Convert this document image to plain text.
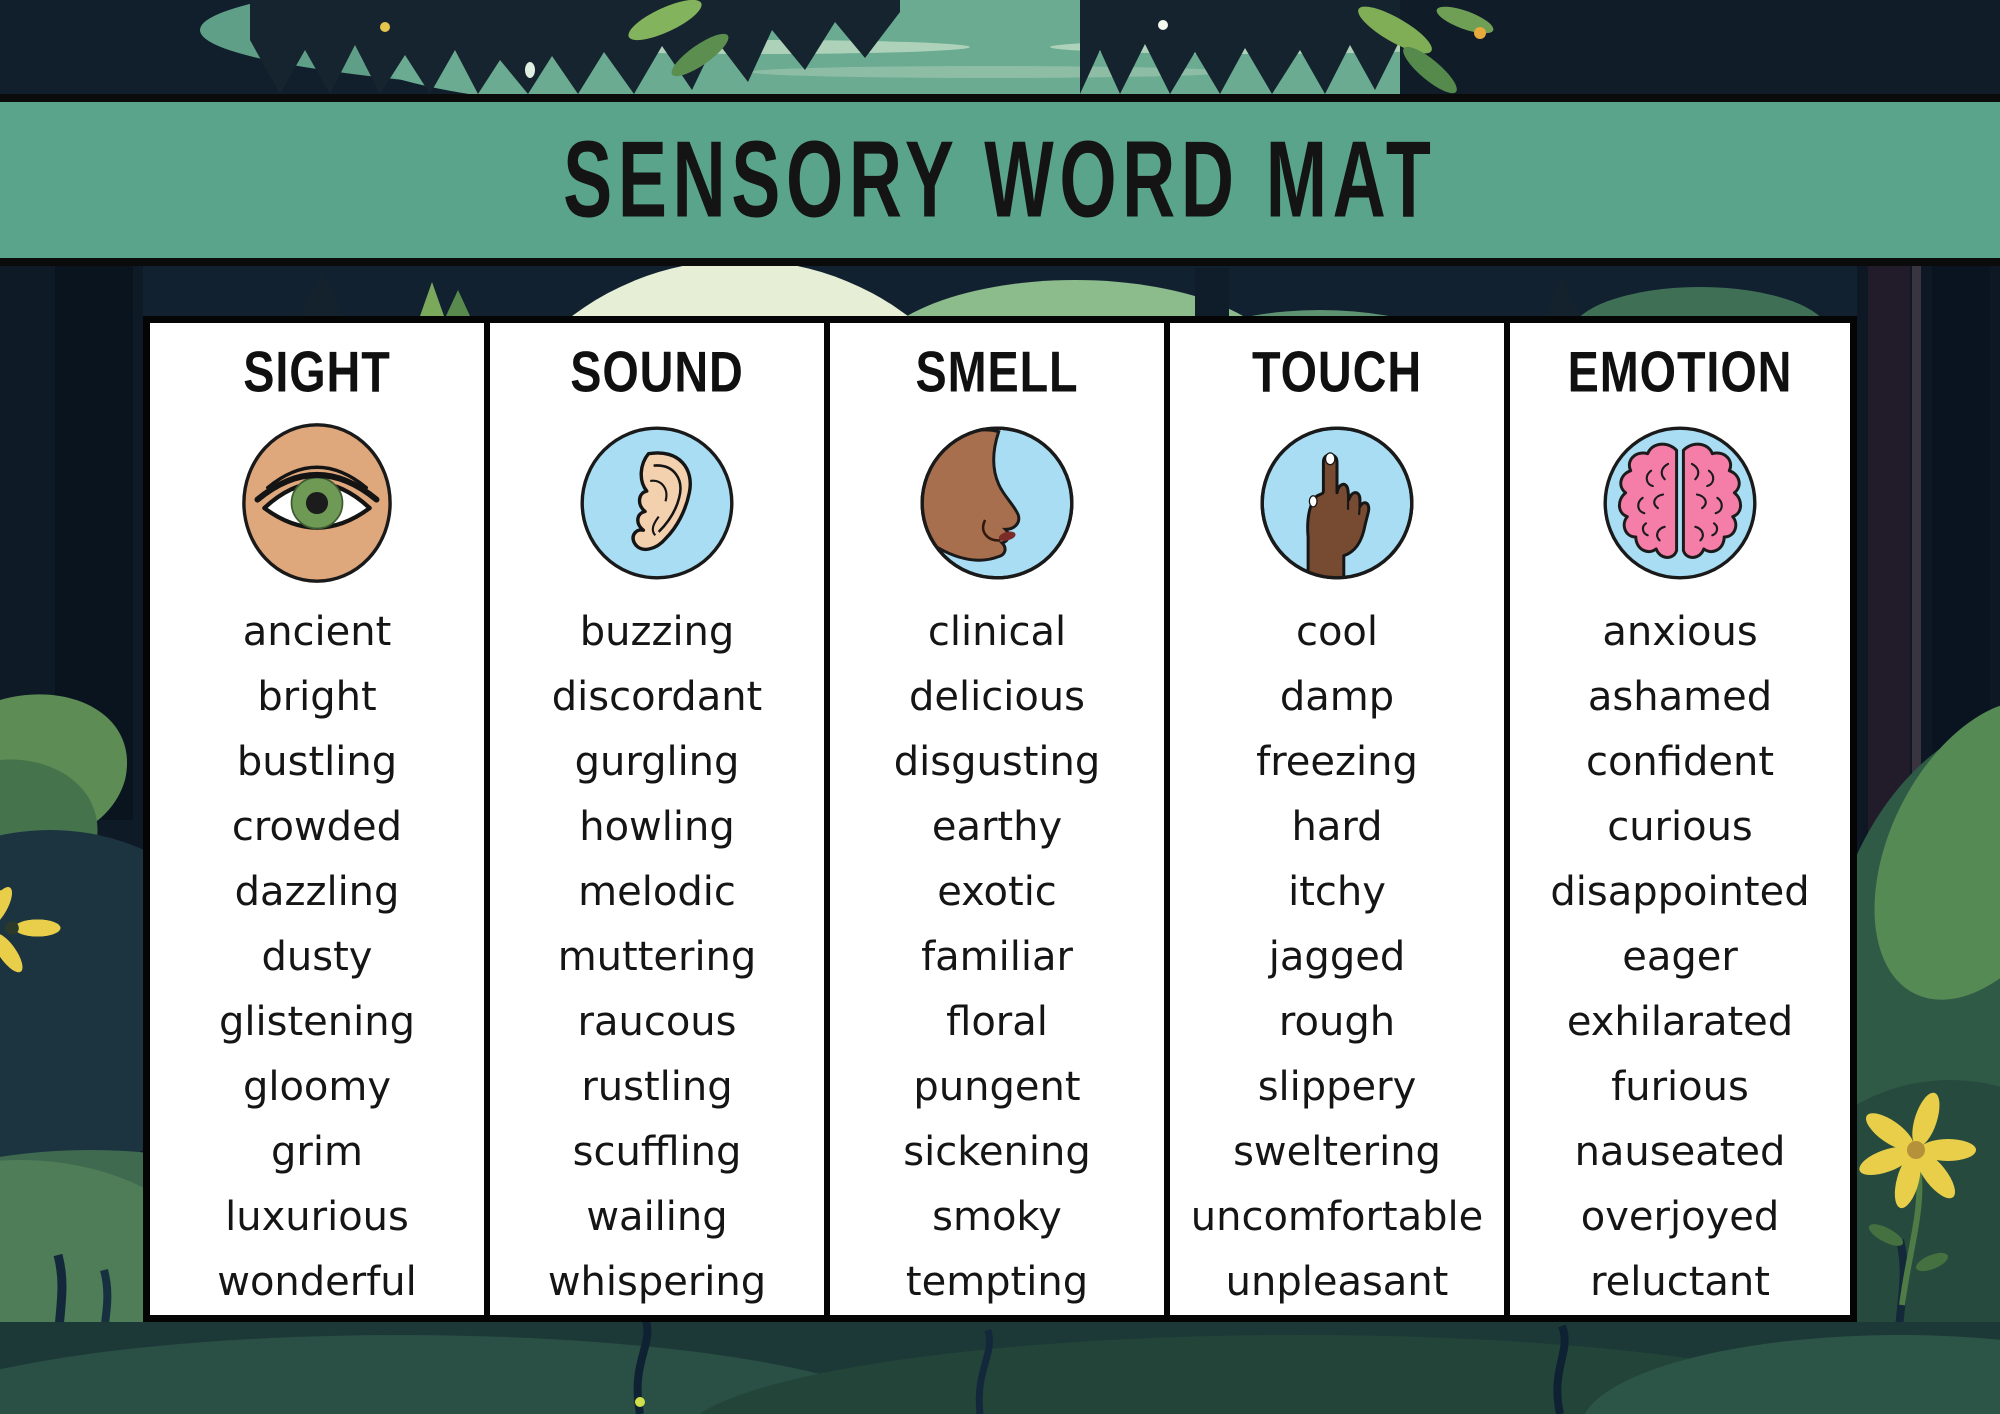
SENSORY WORD MAT
SIGHT
ancient
bright
bustling
crowded
dazzling
dusty
glistening
gloomy
grim
luxurious
wonderful
SOUND
buzzing
discordant
gurgling
howling
melodic
muttering
raucous
rustling
scuffling
wailing
whispering
SMELL
clinical
delicious
disgusting
earthy
exotic
familiar
floral
pungent
sickening
smoky
tempting
TOUCH
cool
damp
freezing
hard
itchy
jagged
rough
slippery
sweltering
uncomfortable
unpleasant
EMOTION
anxious
ashamed
confident
curious
disappointed
eager
exhilarated
furious
nauseated
overjoyed
reluctant
